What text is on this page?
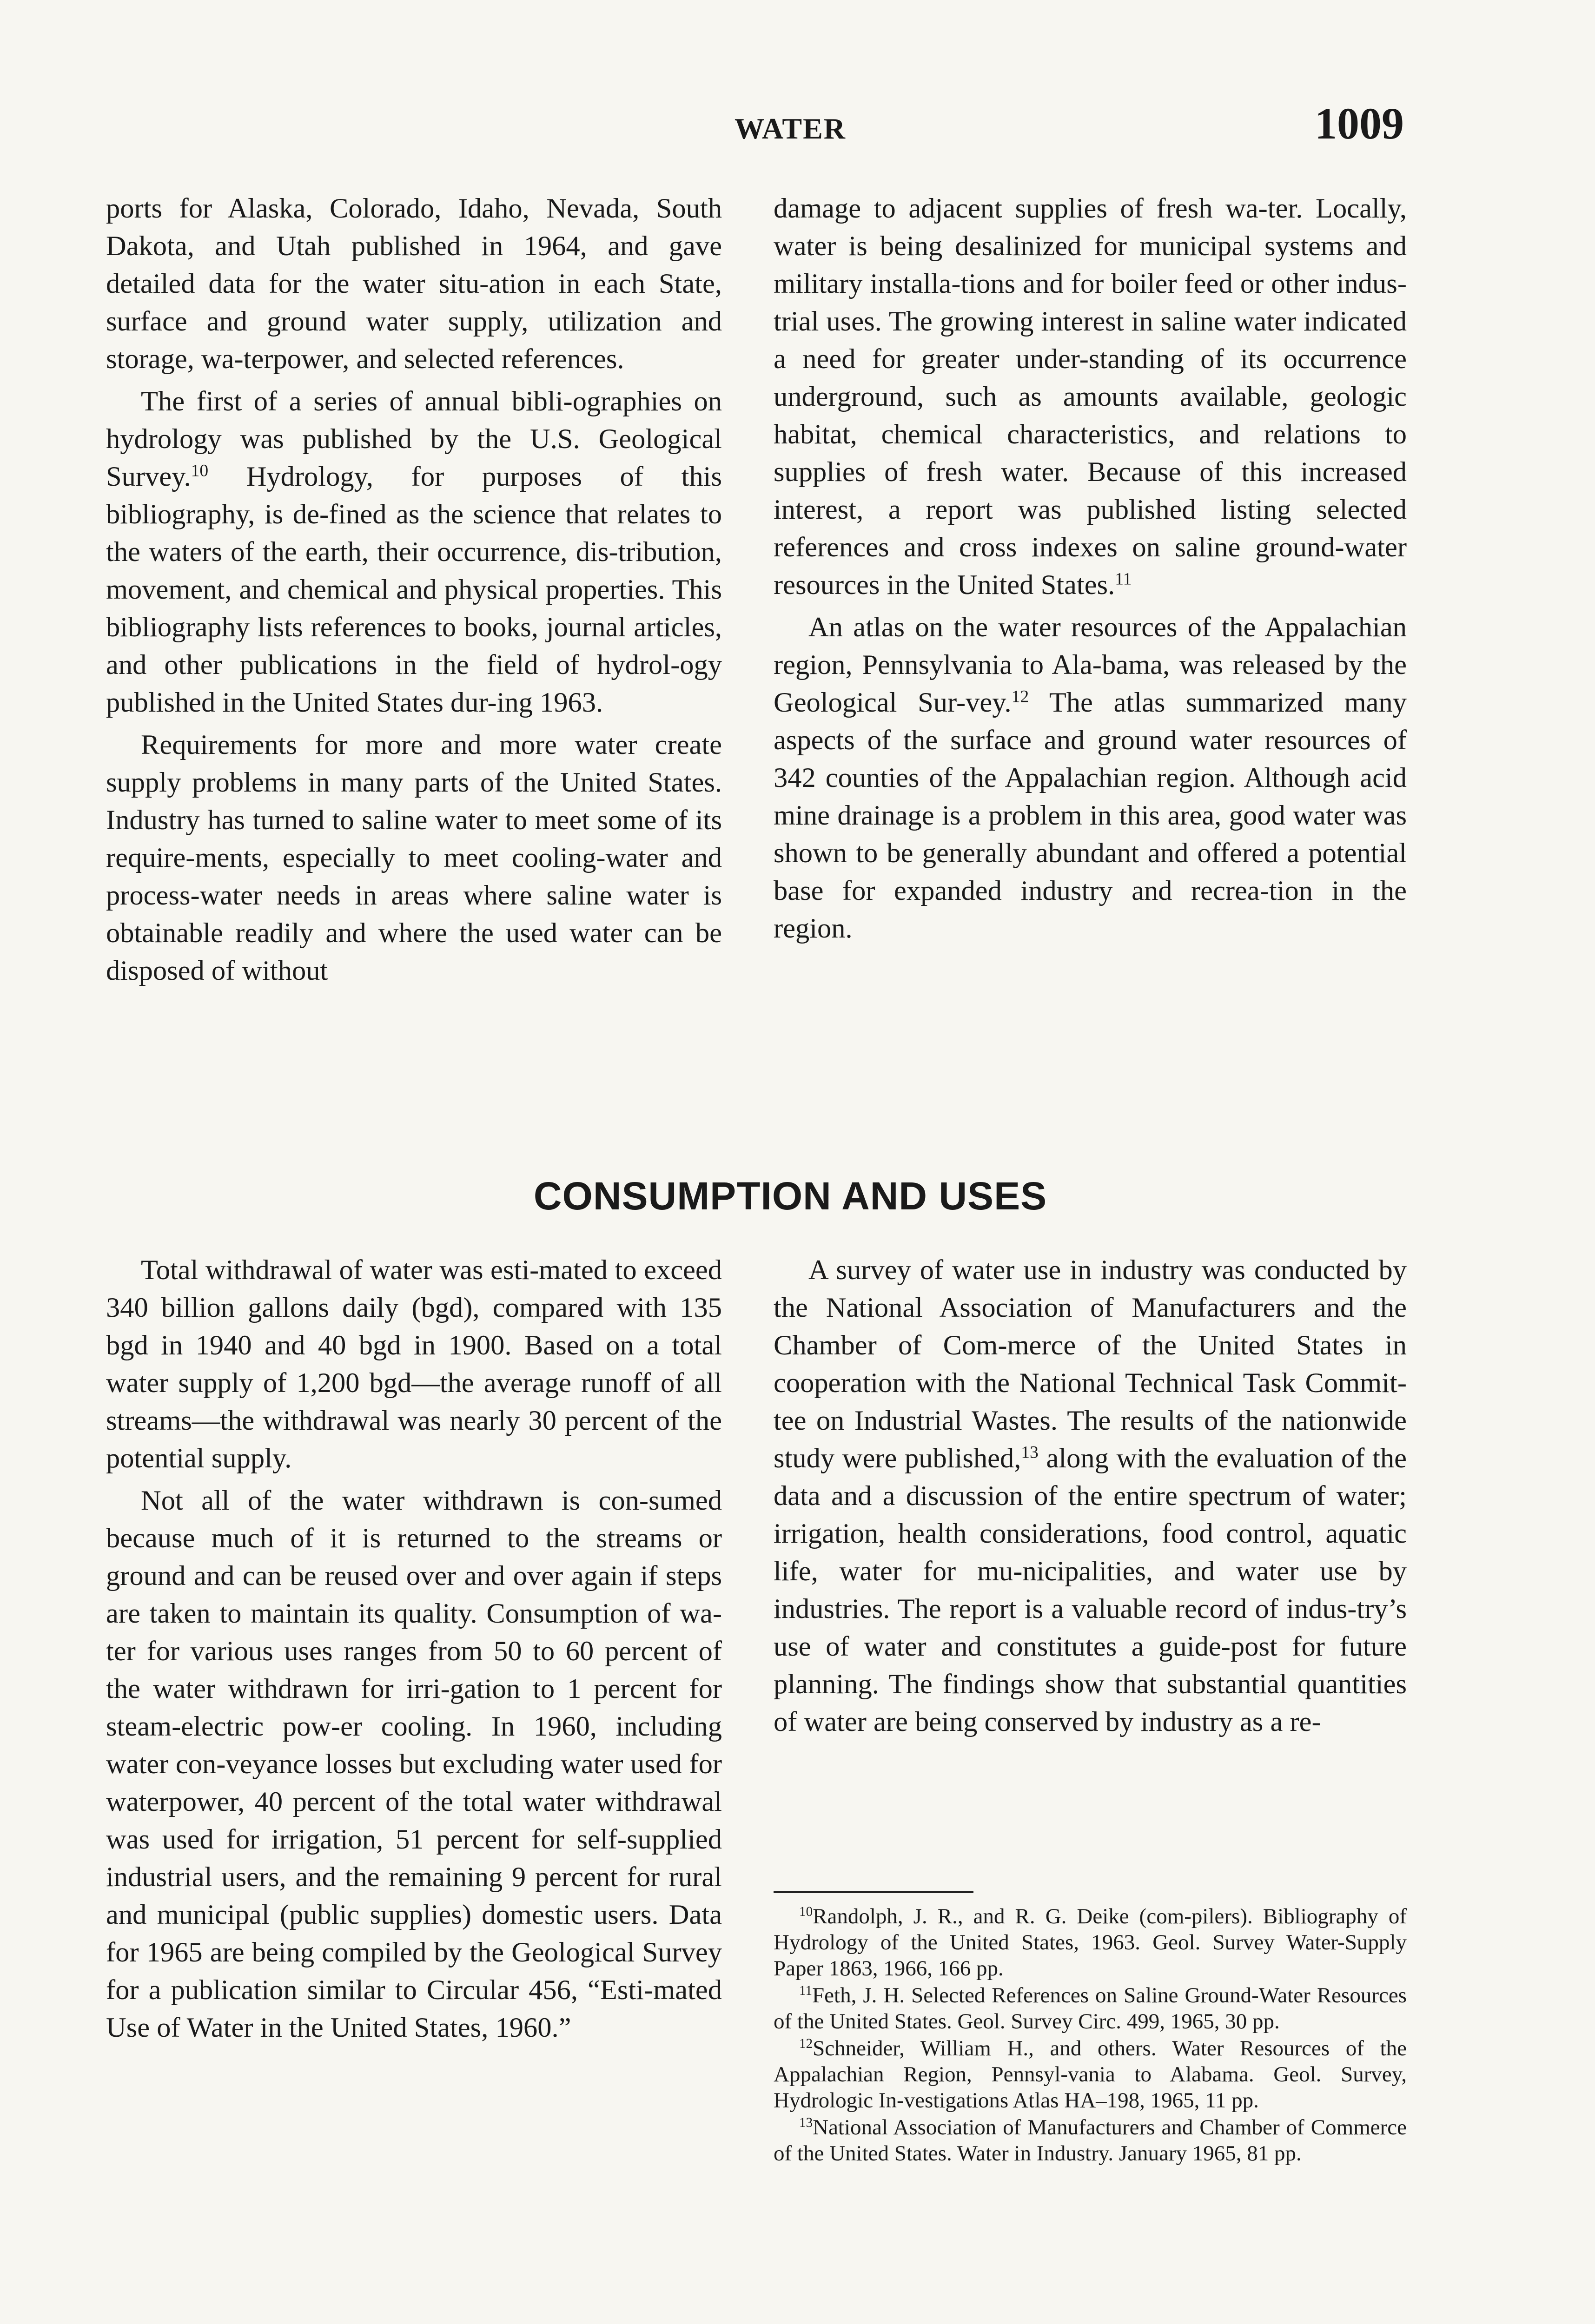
WATER	1009

ports for Alaska, Colorado, Idaho, Nevada, South Dakota, and Utah published in 1964, and gave detailed data for the water situ-ation in each State, surface and ground water supply, utilization and storage, wa-terpower, and selected references.

The first of a series of annual bibli-ographies on hydrology was published by the U.S. Geological Survey.$^{10}$ Hydrology, for purposes of this bibliography, is de-fined as the science that relates to the waters of the earth, their occurrence, dis-tribution, movement, and chemical and physical properties. This bibliography lists references to books, journal articles, and other publications in the field of hydrol-ogy published in the United States dur-ing 1963.

Requirements for more and more water create supply problems in many parts of the United States. Industry has turned to saline water to meet some of its require-ments, especially to meet cooling-water and process-water needs in areas where saline water is obtainable readily and where the used water can be disposed of without

damage to adjacent supplies of fresh wa-ter. Locally, water is being desalinized for municipal systems and military installa-tions and for boiler feed or other indus-trial uses. The growing interest in saline water indicated a need for greater under-standing of its occurrence underground, such as amounts available, geologic habitat, chemical characteristics, and relations to supplies of fresh water. Because of this increased interest, a report was published listing selected references and cross indexes on saline ground-water resources in the United States.$^{11}$

An atlas on the water resources of the Appalachian region, Pennsylvania to Ala-bama, was released by the Geological Sur-vey.$^{12}$ The atlas summarized many aspects of the surface and ground water resources of 342 counties of the Appalachian region. Although acid mine drainage is a problem in this area, good water was shown to be generally abundant and offered a potential base for expanded industry and recrea-tion in the region.

CONSUMPTION AND USES

Total withdrawal of water was esti-mated to exceed 340 billion gallons daily (bgd), compared with 135 bgd in 1940 and 40 bgd in 1900. Based on a total water supply of 1,200 bgd—the average runoff of all streams—the withdrawal was nearly 30 percent of the potential supply.

Not all of the water withdrawn is con-sumed because much of it is returned to the streams or ground and can be reused over and over again if steps are taken to maintain its quality. Consumption of wa-ter for various uses ranges from 50 to 60 percent of the water withdrawn for irri-gation to 1 percent for steam-electric pow-er cooling. In 1960, including water con-veyance losses but excluding water used for waterpower, 40 percent of the total water withdrawal was used for irrigation, 51 percent for self-supplied industrial users, and the remaining 9 percent for rural and municipal (public supplies) domestic users. Data for 1965 are being compiled by the Geological Survey for a publication similar to Circular 456, “Esti-mated Use of Water in the United States, 1960.”

A survey of water use in industry was conducted by the National Association of Manufacturers and the Chamber of Com-merce of the United States in cooperation with the National Technical Task Commit-tee on Industrial Wastes. The results of the nationwide study were published,$^{13}$ along with the evaluation of the data and a discussion of the entire spectrum of water; irrigation, health considerations, food control, aquatic life, water for mu-nicipalities, and water use by industries. The report is a valuable record of indus-try’s use of water and constitutes a guide-post for future planning. The findings show that substantial quantities of water are being conserved by industry as a re-

$^{10}$Randolph, J. R., and R. G. Deike (com-pilers). Bibliography of Hydrology of the United States, 1963. Geol. Survey Water-Supply Paper 1863, 1966, 166 pp.

$^{11}$Feth, J. H. Selected References on Saline Ground-Water Resources of the United States. Geol. Survey Circ. 499, 1965, 30 pp.

$^{12}$Schneider, William H., and others. Water Resources of the Appalachian Region, Pennsyl-vania to Alabama. Geol. Survey, Hydrologic In-vestigations Atlas HA–198, 1965, 11 pp.

$^{13}$National Association of Manufacturers and Chamber of Commerce of the United States. Water in Industry. January 1965, 81 pp.
